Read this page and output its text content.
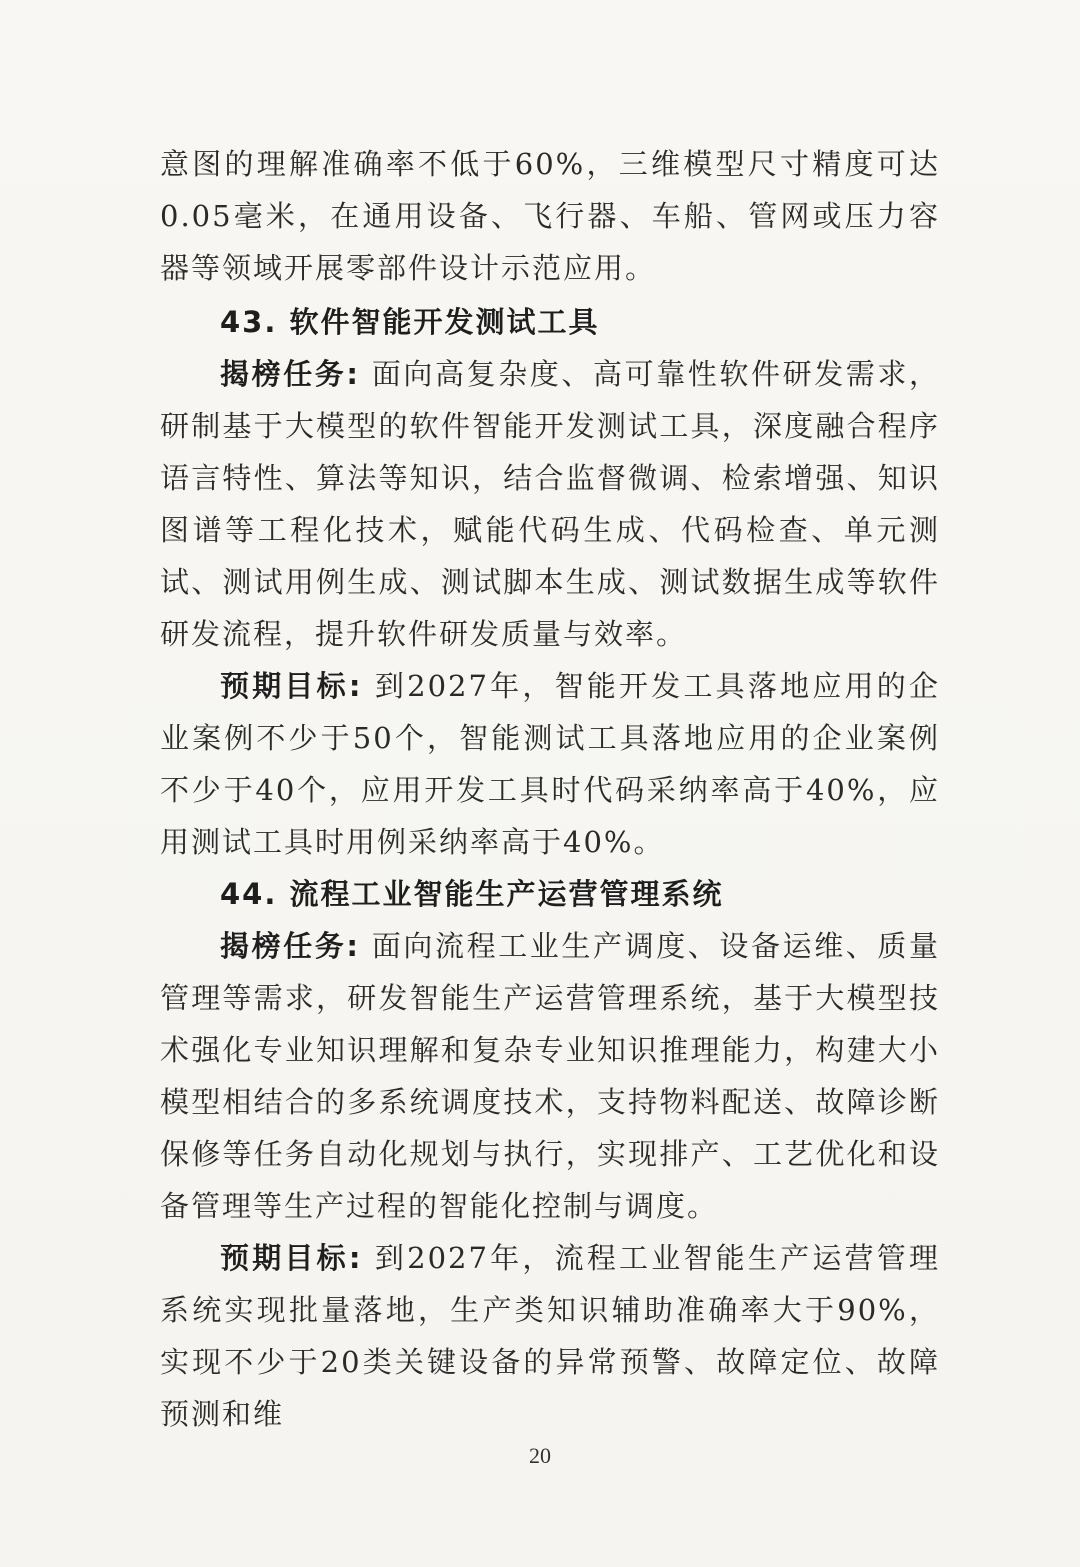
意图的理解准确率不低于60%，三维模型尺寸精度可达0.05毫米，在通用设备、飞行器、车船、管网或压力容器等领域开展零部件设计示范应用。

43. 软件智能开发测试工具

揭榜任务: 面向高复杂度、高可靠性软件研发需求，研制基于大模型的软件智能开发测试工具，深度融合程序语言特性、算法等知识，结合监督微调、检索增强、知识图谱等工程化技术，赋能代码生成、代码检查、单元测试、测试用例生成、测试脚本生成、测试数据生成等软件研发流程，提升软件研发质量与效率。

预期目标: 到2027年，智能开发工具落地应用的企业案例不少于50个，智能测试工具落地应用的企业案例不少于40个，应用开发工具时代码采纳率高于40%，应用测试工具时用例采纳率高于40%。

44. 流程工业智能生产运营管理系统

揭榜任务: 面向流程工业生产调度、设备运维、质量管理等需求，研发智能生产运营管理系统，基于大模型技术强化专业知识理解和复杂专业知识推理能力，构建大小模型相结合的多系统调度技术，支持物料配送、故障诊断保修等任务自动化规划与执行，实现排产、工艺优化和设备管理等生产过程的智能化控制与调度。

预期目标: 到2027年，流程工业智能生产运营管理系统实现批量落地，生产类知识辅助准确率大于90%，实现不少于20类关键设备的异常预警、故障定位、故障预测和维

20
